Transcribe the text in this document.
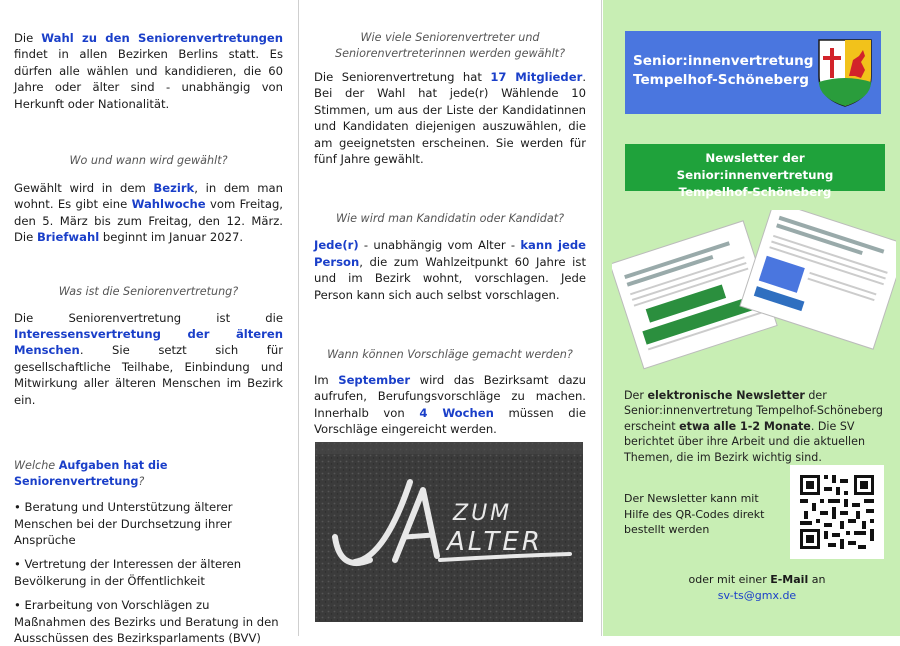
Die Wahl zu den Seniorenvertretungen findet in allen Bezirken Berlins statt. Es dürfen alle wählen und kandidieren, die 60 Jahre oder älter sind - unabhängig von Herkunft oder Nationalität.

Wo und wann wird gewählt?

Gewählt wird in dem Bezirk, in dem man wohnt. Es gibt eine Wahlwoche vom Freitag, den 5. März bis zum Freitag, den 12. März. Die Briefwahl beginnt im Januar 2027.

Was ist die Seniorenvertretung?

Die Seniorenvertretung ist die Interessensvertretung der älteren Menschen. Sie setzt sich für gesellschaftliche Teilhabe, Einbindung und Mitwirkung aller älteren Menschen im Bezirk ein.

Welche Aufgaben hat die Seniorenvertretung?

• Beratung und Unterstützung älterer Menschen bei der Durchsetzung ihrer Ansprüche
• Vertretung der Interessen der älteren Bevölkerung in der Öffentlichkeit
• Erarbeitung von Vorschlägen zu Maßnahmen des Bezirks und Beratung in den Ausschüssen des Bezirksparlaments (BVV)

Wie viele Seniorenvertreter und Seniorenvertreterinnen werden gewählt?

Die Seniorenvertretung hat 17 Mitglieder. Bei der Wahl hat jede(r) Wählende 10 Stimmen, um aus der Liste der Kandidatinnen und Kandidaten diejenigen auszuwählen, die am geeignetsten erscheinen. Sie werden für fünf Jahre gewählt.

Wie wird man Kandidatin oder Kandidat?

Jede(r) - unabhängig vom Alter - kann jede Person, die zum Wahlzeitpunkt 60 Jahre ist und im Bezirk wohnt, vorschlagen. Jede Person kann sich auch selbst vorschlagen.

Wann können Vorschläge gemacht werden?

Im September wird das Bezirksamt dazu aufrufen, Berufungsvorschläge zu machen. Innerhalb von 4 Wochen müssen die Vorschläge eingereicht werden.

ZUM
ALTER
JA
Senior:innenvertretung
Tempelhof-Schöneberg
Newsletter der Senior:innenvertretung
Tempelhof-Schöneberg

Der elektronische Newsletter der Senior:innenvertretung Tempelhof-Schöneberg erscheint etwa alle 1-2 Monate. Die SV berichtet über ihre Arbeit und die aktuellen Themen, die im Bezirk wichtig sind.

Der Newsletter kann mit Hilfe des QR-Codes direkt bestellt werden

oder mit einer E-Mail an
sv-ts@gmx.de
